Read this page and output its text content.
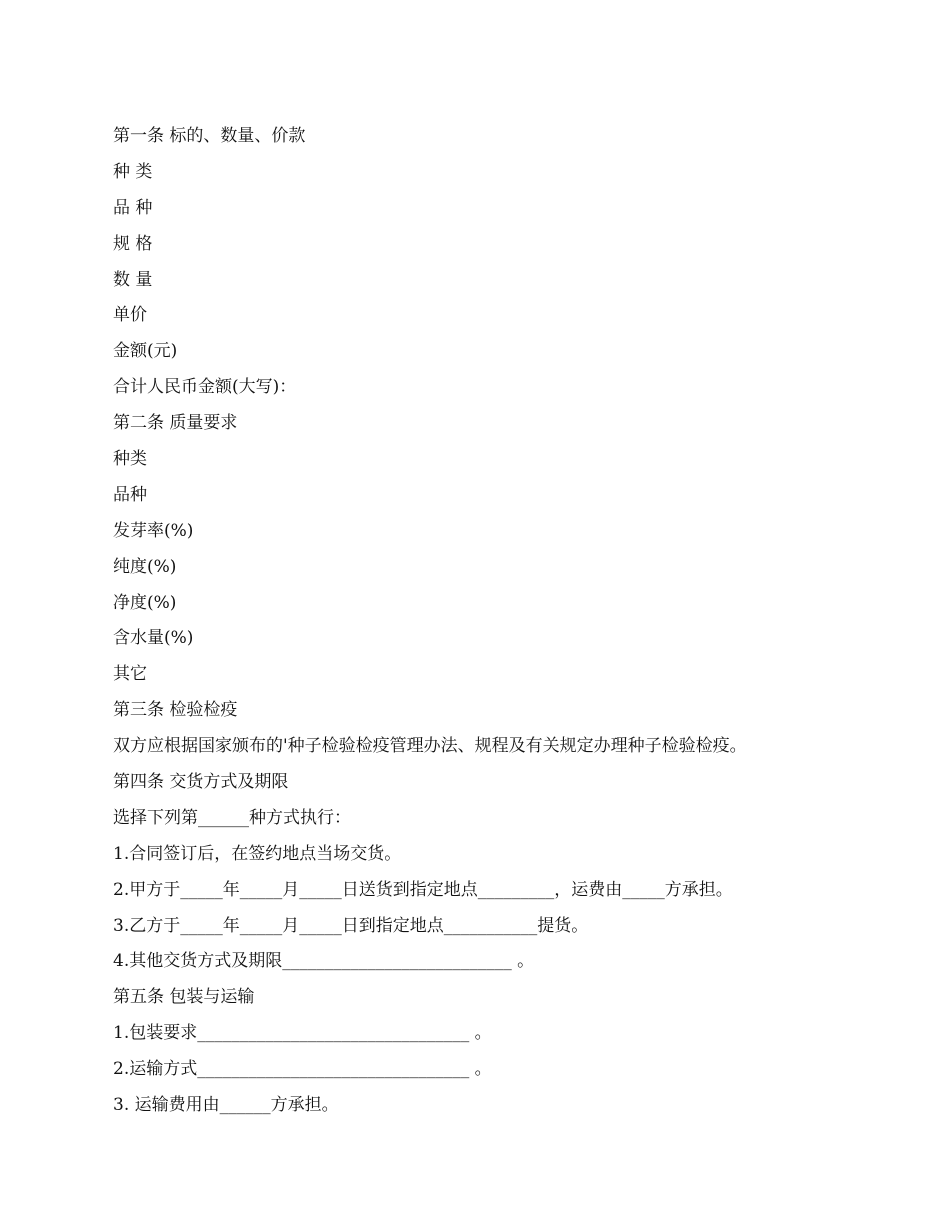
第一条 标的、数量、价款
种 类
品 种
规 格
数 量
单价
金额(元)
合计人民币金额(大写)：
第二条 质量要求
种类
品种
发芽率(%)
纯度(%)
净度(%)
含水量(%)
其它
第三条 检验检疫
双方应根据国家颁布的'种子检验检疫管理办法、规程及有关规定办理种子检验检疫。
第四条 交货方式及期限
选择下列第______种方式执行：
1.合同签订后，在签约地点当场交货。
2.甲方于_____年_____月_____日送货到指定地点_________，运费由_____方承担。
3.乙方于_____年_____月_____日到指定地点___________提货。
4.其他交货方式及期限___________________________ 。
第五条 包装与运输
1.包装要求________________________________ 。
2.运输方式________________________________ 。
3. 运输费用由______方承担。
